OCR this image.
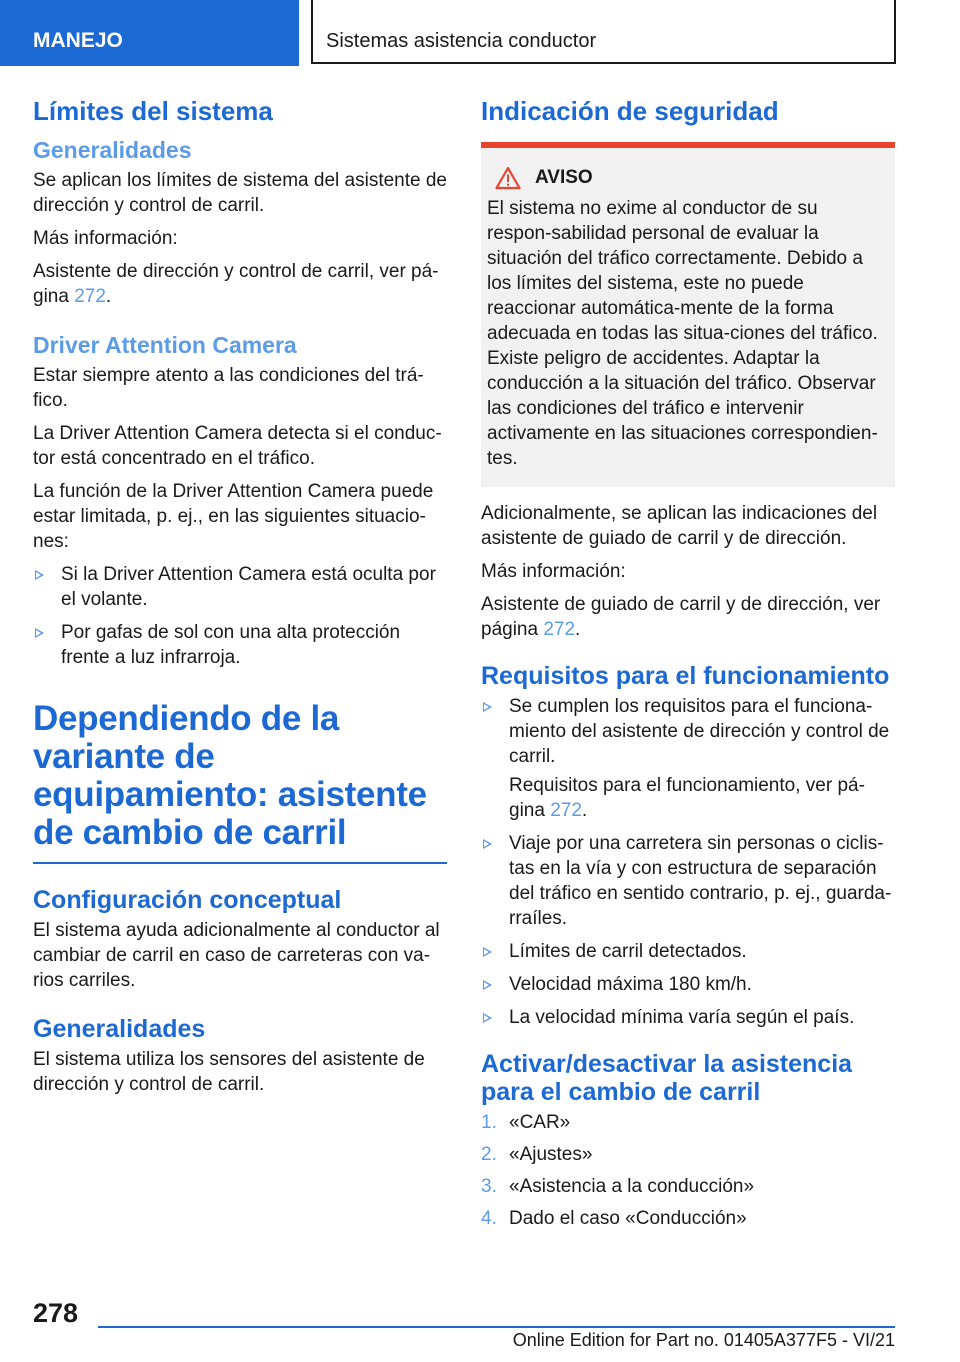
MANEJO	Sistemas asistencia conductor
Límites del sistema
Generalidades

Se aplican los límites de sistema del asistente de dirección y control de carril.

Más información:

Asistente de dirección y control de carril, ver pá-gina 272.

Driver Attention Camera

Estar siempre atento a las condiciones del trá-fico.

La Driver Attention Camera detecta si el conduc-tor está concentrado en el tráfico.

La función de la Driver Attention Camera puede estar limitada, p. ej., en las siguientes situacio-nes:

Si la Driver Attention Camera está oculta por el volante.
Por gafas de sol con una alta protección frente a luz infrarroja.
Dependiendo de la variante de equipamiento: asistente de cambio de carril
Configuración conceptual

El sistema ayuda adicionalmente al conductor al cambiar de carril en caso de carreteras con va-rios carriles.

Generalidades

El sistema utiliza los sensores del asistente de dirección y control de carril.

Indicación de seguridad
AVISO

El sistema no exime al conductor de su respon-sabilidad personal de evaluar la situación del tráfico correctamente. Debido a los límites del sistema, este no puede reaccionar automática-mente de la forma adecuada en todas las situa-ciones del tráfico. Existe peligro de accidentes. Adaptar la conducción a la situación del tráfico. Observar las condiciones del tráfico e intervenir activamente en las situaciones correspondien-tes.

Adicionalmente, se aplican las indicaciones del asistente de guiado de carril y de dirección.

Más información:

Asistente de guiado de carril y de dirección, ver página 272.

Requisitos para el funcionamiento
Se cumplen los requisitos para el funciona-miento del asistente de dirección y control de carril.
Requisitos para el funcionamiento, ver pá-gina 272.
Viaje por una carretera sin personas o ciclis-tas en la vía y con estructura de separación del tráfico en sentido contrario, p. ej., guarda-rraíles.
Límites de carril detectados.
Velocidad máxima 180 km/h.
La velocidad mínima varía según el país.
Activar/desactivar la asistencia para el cambio de carril
1. «CAR»
2. «Ajustes»
3. «Asistencia a la conducción»
4. Dado el caso «Conducción»
278
Online Edition for Part no. 01405A377F5 - VI/21
